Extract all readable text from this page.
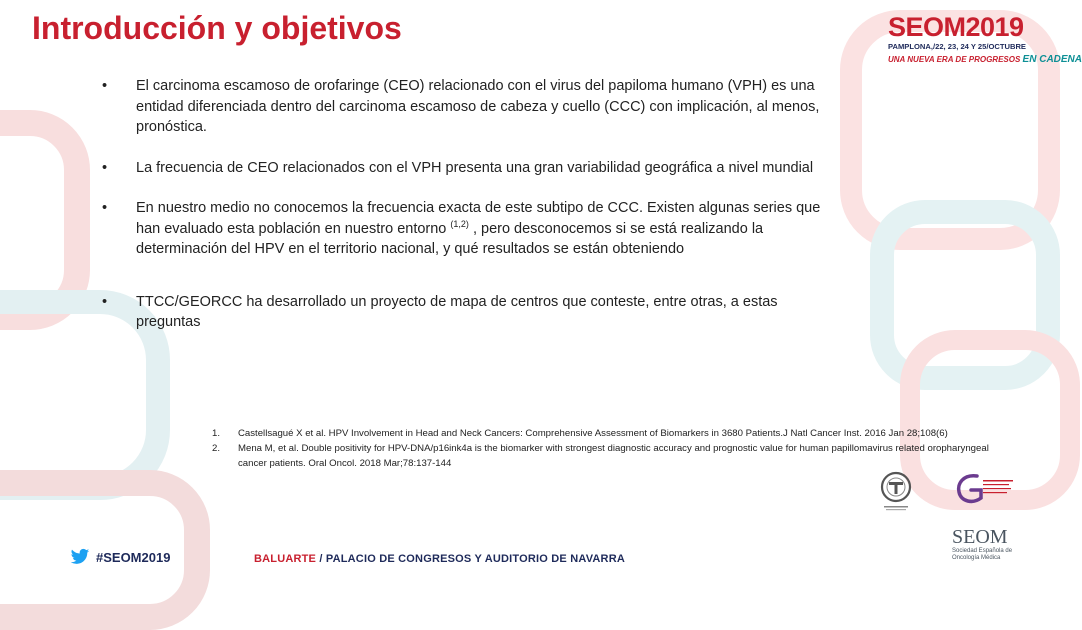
Introducción y objetivos	SEOM2019
PAMPLONA,/22, 23, 24 Y 25/OCTUBRE
UNA NUEVA ERA DE PROGRESOS EN CADENA
• El carcinoma escamoso de orofaringe (CEO) relacionado con el virus del papiloma humano (VPH) es una entidad diferenciada dentro del carcinoma escamoso de cabeza y cuello (CCC) con implicación, al menos, pronóstica.
• La frecuencia de CEO relacionados con el VPH presenta una gran variabilidad geográfica a nivel mundial
• En nuestro medio no conocemos la frecuencia exacta de este subtipo de CCC. Existen algunas series que han evaluado esta población en nuestro entorno $^{(1,2)}$ , pero desconocemos si se está realizando la determinación del HPV en el territorio nacional, y qué resultados se están obteniendo
• TTCC/GEORCC ha desarrollado un proyecto de mapa de centros que conteste, entre otras, a estas preguntas
1. Castellsagué X et al. HPV Involvement in Head and Neck Cancers: Comprehensive Assessment of Biomarkers in 3680 Patients.J Natl Cancer Inst. 2016 Jan 28;108(6)
2. Mena M, et al. Double positivity for HPV-DNA/p16ink4a is the biomarker with strongest diagnostic accuracy and prognostic value for human papillomavirus related oropharyngeal cancer patients. Oral Oncol. 2018 Mar;78:137-144
SEOM
Sociedad Española de Oncología Médica
#SEOM2019	BALUARTE / PALACIO DE CONGRESOS Y AUDITORIO DE NAVARRA
